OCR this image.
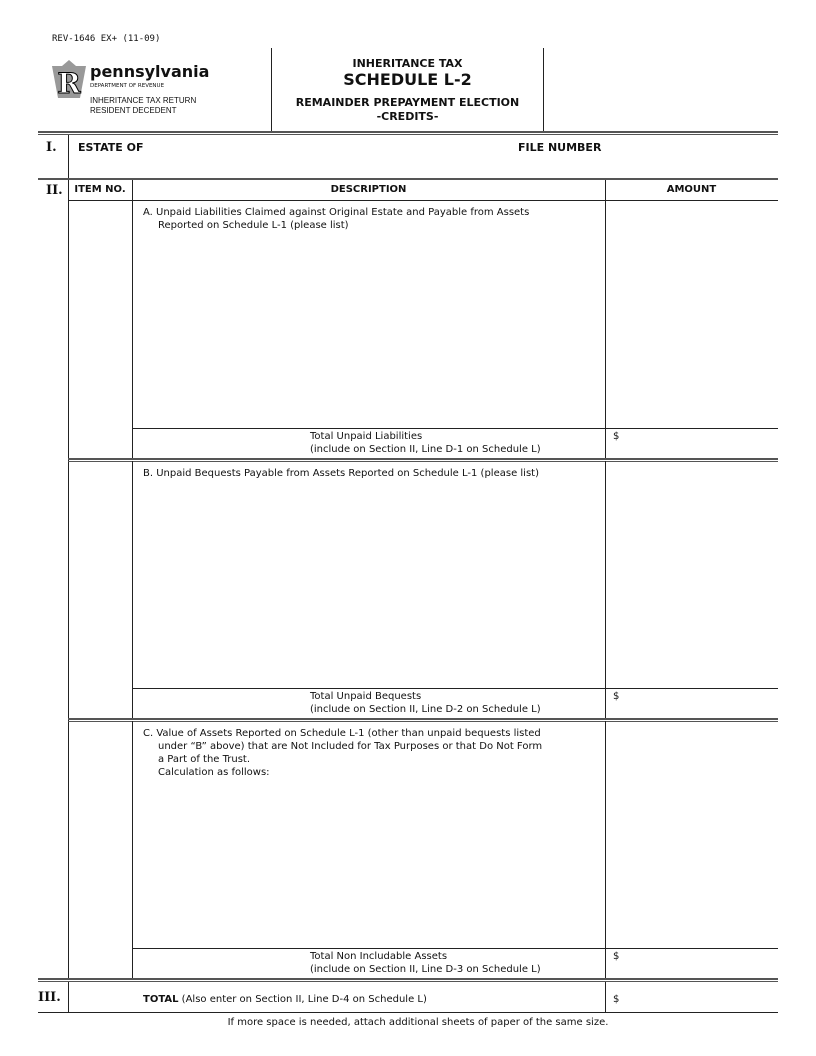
REV-1646 EX+ (11-09)
R pennsylvania
DEPARTMENT OF REVENUE
INHERITANCE TAX RETURN
RESIDENT DECEDENT
INHERITANCE TAX
SCHEDULE L-2
REMAINDER PREPAYMENT ELECTION
-CREDITS-
I. ESTATE OF	FILE NUMBER
II.	ITEM NO.	DESCRIPTION	AMOUNT
A. Unpaid Liabilities Claimed against Original Estate and Payable from Assets
Reported on Schedule L-1 (please list)
Total Unpaid Liabilities
(include on Section II, Line D-1 on Schedule L)
$
B. Unpaid Bequests Payable from Assets Reported on Schedule L-1 (please list)
Total Unpaid Bequests
(include on Section II, Line D-2 on Schedule L)
$
C. Value of Assets Reported on Schedule L-1 (other than unpaid bequests listed
under “B” above) that are Not Included for Tax Purposes or that Do Not Form
a Part of the Trust.
Calculation as follows:
Total Non Includable Assets
(include on Section II, Line D-3 on Schedule L)
$
III.	TOTAL (Also enter on Section II, Line D-4 on Schedule L)	$
If more space is needed, attach additional sheets of paper of the same size.
